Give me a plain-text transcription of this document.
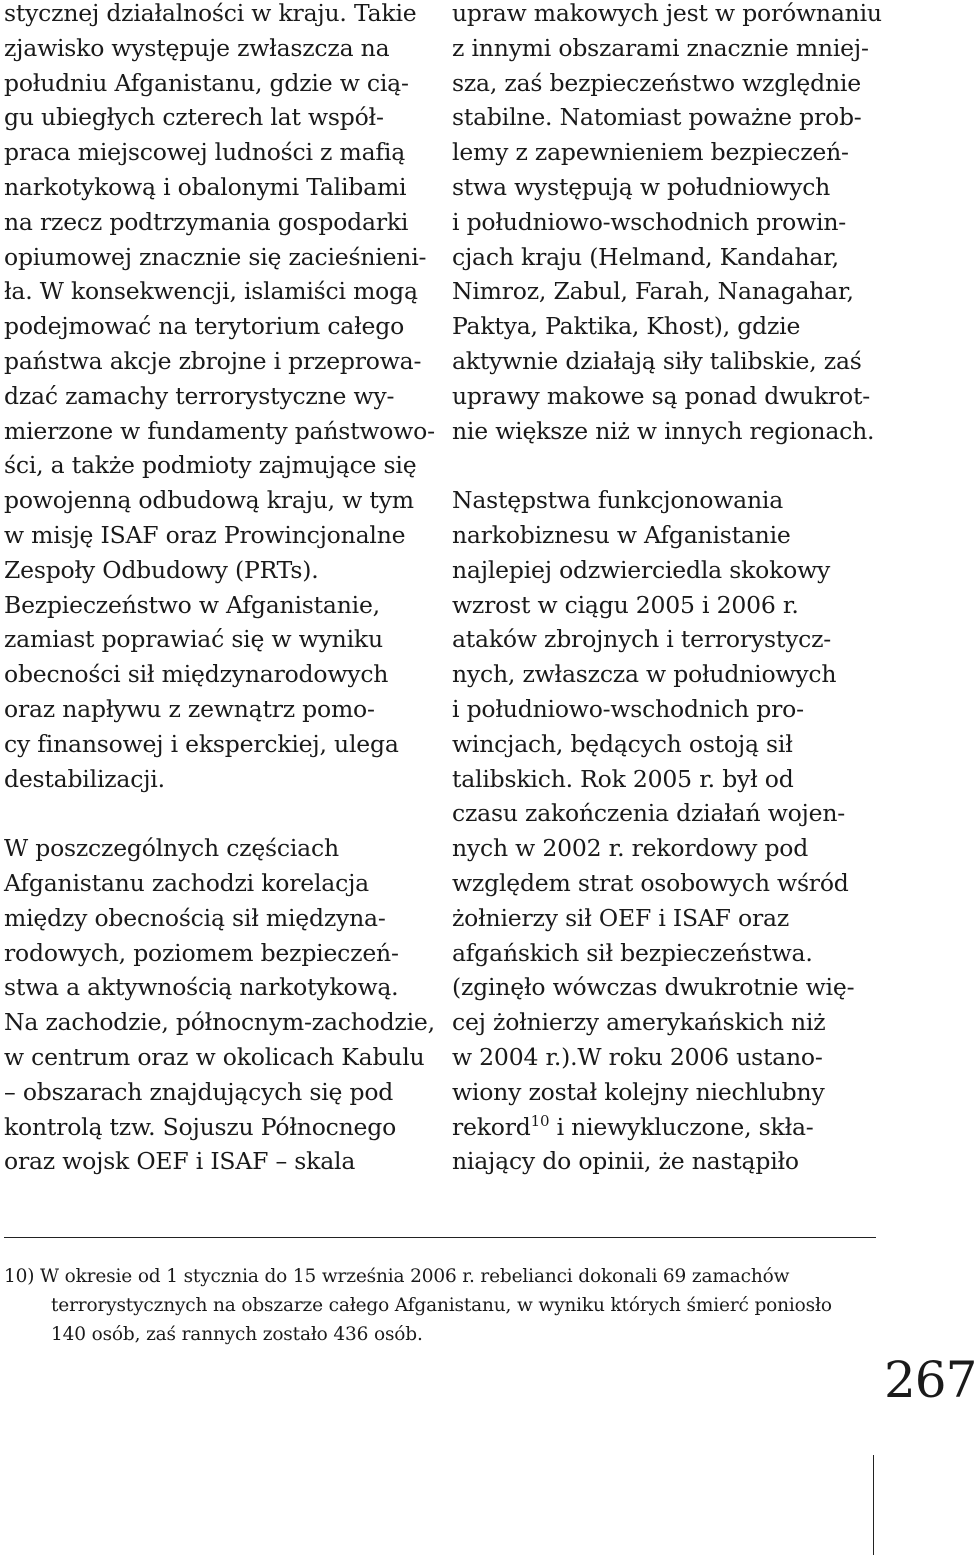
stycznej działalności w kraju. Takie
zjawisko występuje zwłaszcza na
południu Afganistanu, gdzie w cią-
gu ubiegłych czterech lat współ-
praca miejscowej ludności z mafią
narkotykową i obalonymi Talibami
na rzecz podtrzymania gospodarki
opiumowej znacznie się zacieśnieni-
ła. W konsekwencji, islamiści mogą
podejmować na terytorium całego
państwa akcje zbrojne i przeprowa-
dzać zamachy terrorystyczne wy-
mierzone w fundamenty państwowo-
ści, a także podmioty zajmujące się
powojenną odbudową kraju, w tym
w misję ISAF oraz Prowincjonalne
Zespoły Odbudowy (PRTs).
Bezpieczeństwo w Afganistanie,
zamiast poprawiać się w wyniku
obecności sił międzynarodowych
oraz napływu z zewnątrz pomo-
cy finansowej i eksperckiej, ulega
destabilizacji.
W poszczególnych częściach
Afganistanu zachodzi korelacja
między obecnością sił międzyna-
rodowych, poziomem bezpieczeń-
stwa a aktywnością narkotykową.
Na zachodzie, północnym-zachodzie,
w centrum oraz w okolicach Kabulu
– obszarach znajdujących się pod
kontrolą tzw. Sojuszu Północnego
oraz wojsk OEF i ISAF – skala
upraw makowych jest w porównaniu
z innymi obszarami znacznie mniej-
sza, zaś bezpieczeństwo względnie
stabilne. Natomiast poważne prob-
lemy z zapewnieniem bezpieczeń-
stwa występują w południowych
i południowo-wschodnich prowin-
cjach kraju (Helmand, Kandahar,
Nimroz, Zabul, Farah, Nanagahar,
Paktya, Paktika, Khost), gdzie
aktywnie działają siły talibskie, zaś
uprawy makowe są ponad dwukrot-
nie większe niż w innych regionach.
Następstwa funkcjonowania
narkobiznesu w Afganistanie
najlepiej odzwierciedla skokowy
wzrost w ciągu 2005 i 2006 r.
ataków zbrojnych i terrorystycz-
nych, zwłaszcza w południowych
i południowo-wschodnich pro-
wincjach, będących ostoją sił
talibskich. Rok 2005 r. był od
czasu zakończenia działań wojen-
nych w 2002 r. rekordowy pod
względem strat osobowych wśród
żołnierzy sił OEF i ISAF oraz
afgańskich sił bezpieczeństwa.
(zginęło wówczas dwukrotnie wię-
cej żołnierzy amerykańskich niż
w 2004 r.).W roku 2006 ustano-
wiony został kolejny niechlubny
rekord$^{10}$ i niewykluczone, skła-
niający do opinii, że nastąpiło
10) W okresie od 1 stycznia do 15 września 2006 r. rebelianci dokonali 69 zamachów
terrorystycznych na obszarze całego Afganistanu, w wyniku których śmierć poniosło
140 osób, zaś rannych zostało 436 osób.
267
